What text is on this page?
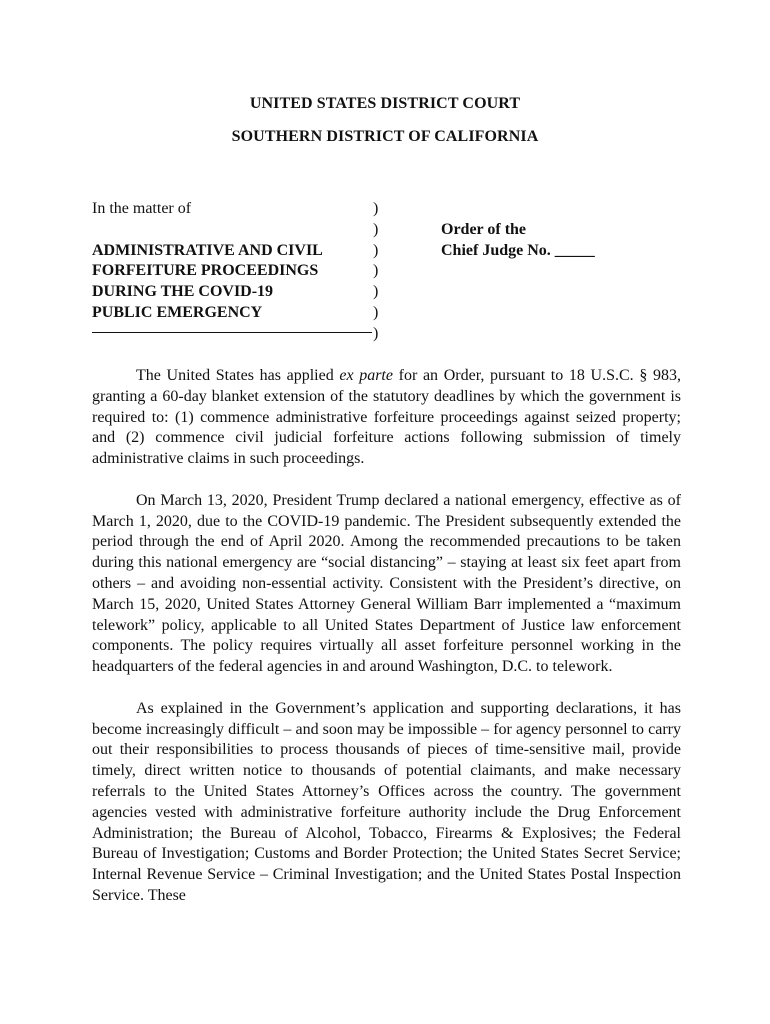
UNITED STATES DISTRICT COURT
SOUTHERN DISTRICT OF CALIFORNIA
In the matter of
ADMINISTRATIVE AND CIVIL
FORFEITURE PROCEEDINGS
DURING THE COVID-19
PUBLIC EMERGENCY
)
)
)
)
)
)
)
Order of the
Chief Judge No. _____

The United States has applied ex parte for an Order, pursuant to 18 U.S.C. § 983, granting a 60-day blanket extension of the statutory deadlines by which the government is required to: (1) commence administrative forfeiture proceedings against seized property; and (2) commence civil judicial forfeiture actions following submission of timely administrative claims in such proceedings.

On March 13, 2020, President Trump declared a national emergency, effective as of March 1, 2020, due to the COVID-19 pandemic. The President subsequently extended the period through the end of April 2020. Among the recommended precautions to be taken during this national emergency are “social distancing” – staying at least six feet apart from others – and avoiding non-essential activity. Consistent with the President’s directive, on March 15, 2020, United States Attorney General William Barr implemented a “maximum telework” policy, applicable to all United States Department of Justice law enforcement components. The policy requires virtually all asset forfeiture personnel working in the headquarters of the federal agencies in and around Washington, D.C. to telework.

As explained in the Government’s application and supporting declarations, it has become increasingly difficult – and soon may be impossible – for agency personnel to carry out their responsibilities to process thousands of pieces of time-sensitive mail, provide timely, direct written notice to thousands of potential claimants, and make necessary referrals to the United States Attorney’s Offices across the country. The government agencies vested with administrative forfeiture authority include the Drug Enforcement Administration; the Bureau of Alcohol, Tobacco, Firearms & Explosives; the Federal Bureau of Investigation; Customs and Border Protection; the United States Secret Service; Internal Revenue Service – Criminal Investigation; and the United States Postal Inspection Service. These
